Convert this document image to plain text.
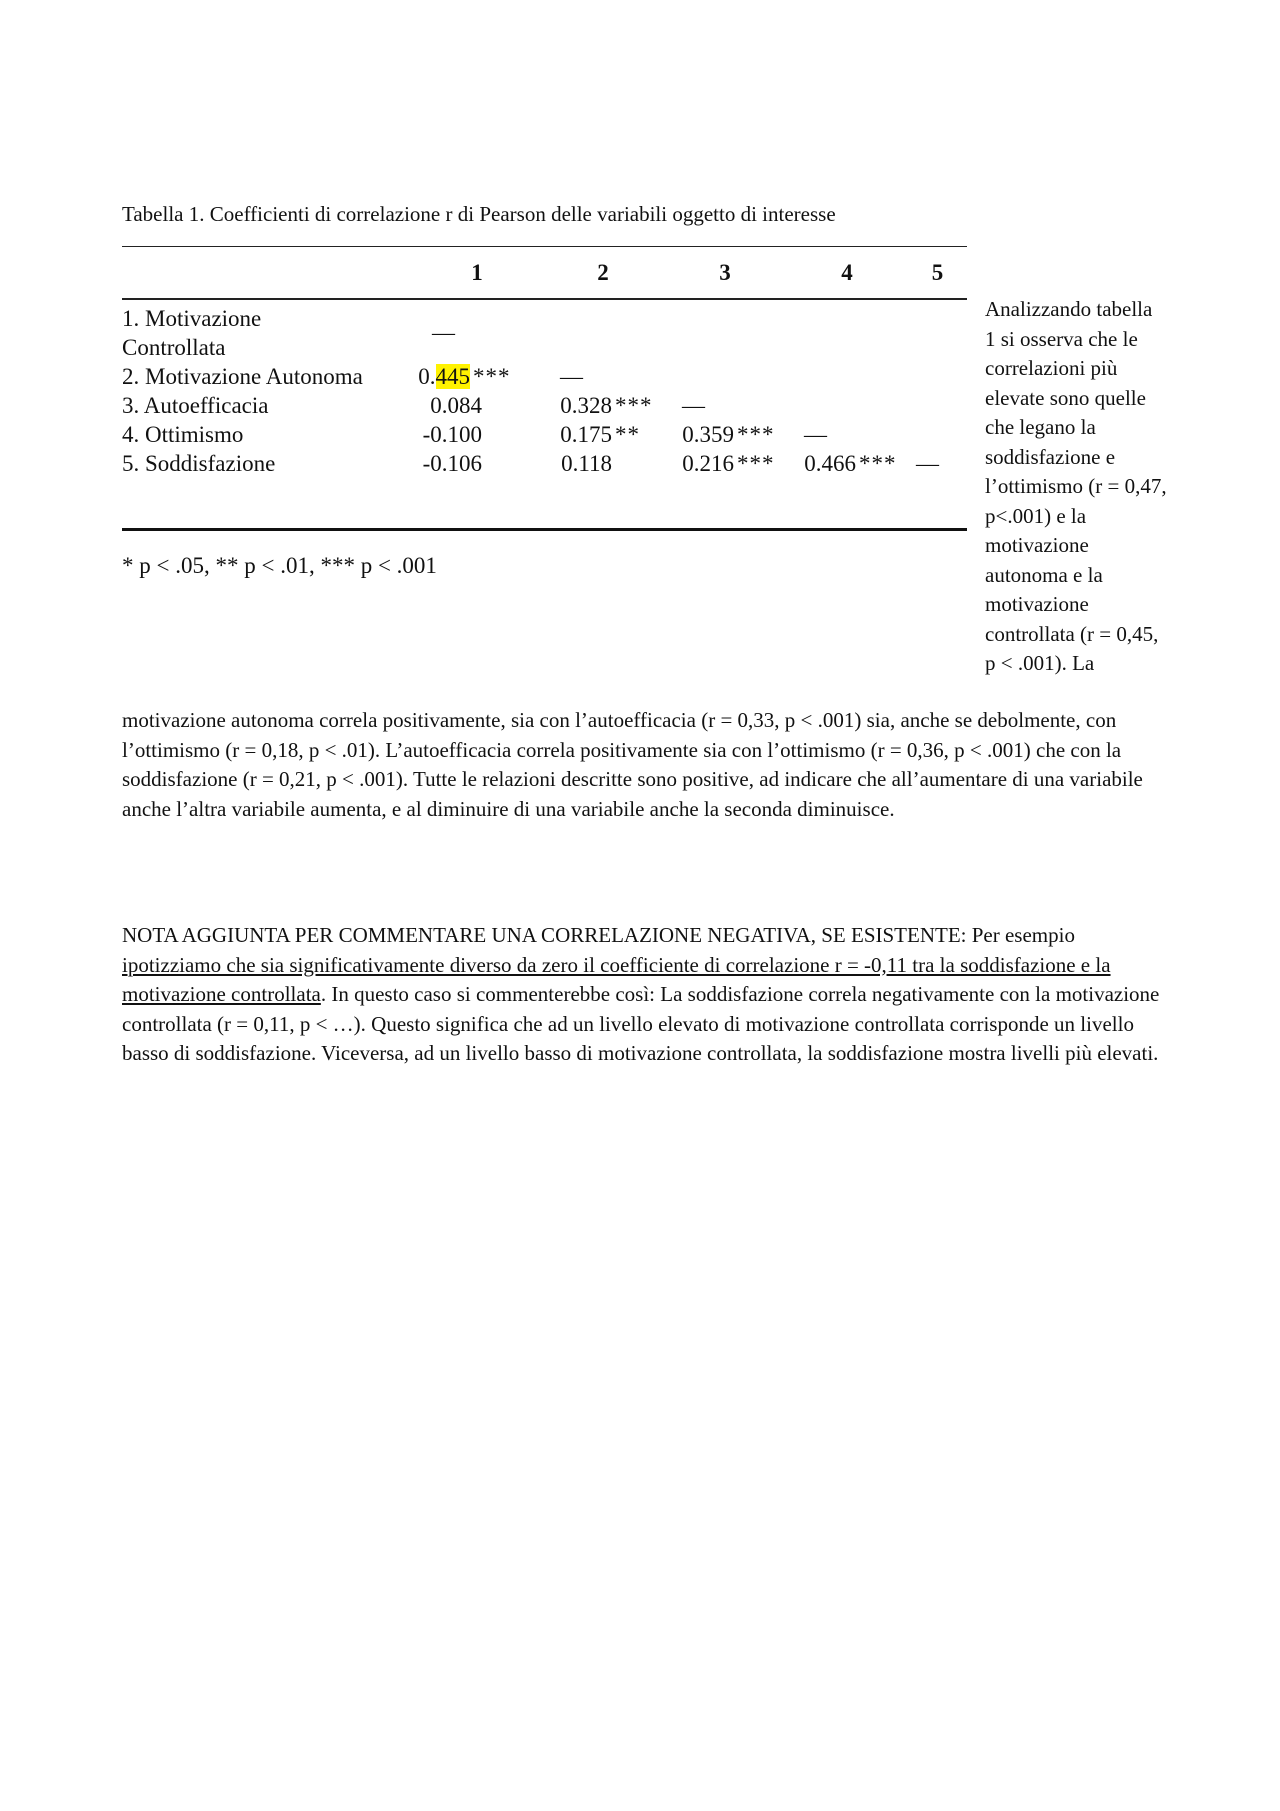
Tabella 1. Coefficienti di correlazione r di Pearson delle variabili oggetto di interesse
	1	2	3	4	5
1. Motivazione
Controllata	—				
2. Motivazione Autonoma	0.445 ***	—			
3. Autoefficacia	0.084	0.328 ***	—		
4. Ottimismo	-0.100	0.175 **	0.359 ***	—	
5. Soddisfazione	-0.106	0.118	0.216 ***	0.466 ***	—

* p < .05, ** p < .01, *** p < .001
Analizzando tabella 1 si osserva che le correlazioni più elevate sono quelle che legano la soddisfazione e l’ottimismo (r = 0,47, p<.001) e la motivazione autonoma e la motivazione controllata (r = 0,45, p < .001). La
motivazione autonoma correla positivamente, sia con l’autoefficacia (r = 0,33, p < .001) sia, anche se debolmente, con l’ottimismo (r = 0,18, p < .01). L’autoefficacia correla positivamente sia con l’ottimismo (r = 0,36, p < .001) che con la soddisfazione (r = 0,21, p < .001). Tutte le relazioni descritte sono positive, ad indicare che all’aumentare di una variabile anche l’altra variabile aumenta, e al diminuire di una variabile anche la seconda diminuisce.
NOTA AGGIUNTA PER COMMENTARE UNA CORRELAZIONE NEGATIVA, SE ESISTENTE: Per esempio ipotizziamo che sia significativamente diverso da zero il coefficiente di correlazione r = -0,11 tra la soddisfazione e la motivazione controllata. In questo caso si commenterebbe così: La soddisfazione correla negativamente con la motivazione controllata (r = 0,11, p < …). Questo significa che ad un livello elevato di motivazione controllata corrisponde un livello basso di soddisfazione. Viceversa, ad un livello basso di motivazione controllata, la soddisfazione mostra livelli più elevati.
